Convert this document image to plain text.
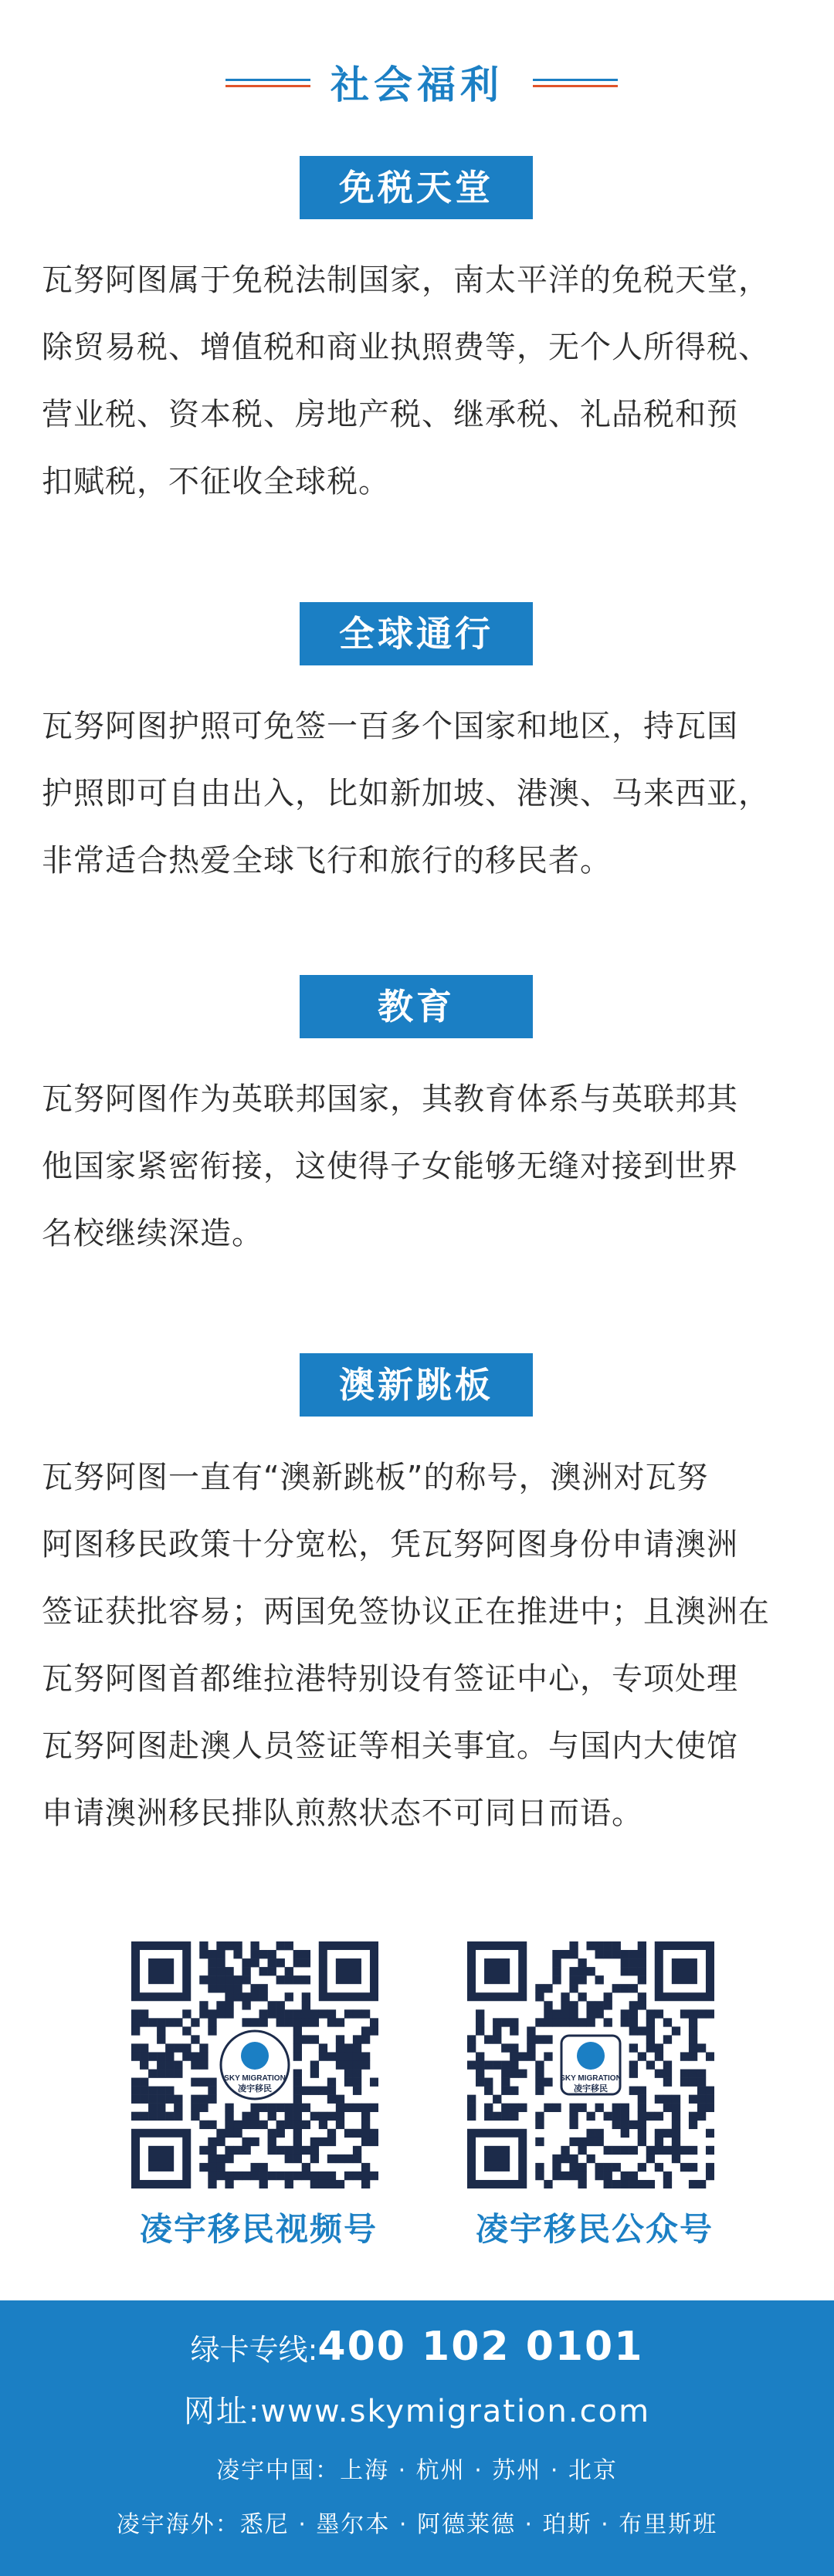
社会福利
免税天堂
瓦努阿图属于免税法制国家，南太平洋的免税天堂，
除贸易税、增值税和商业执照费等，无个人所得税、
营业税、资本税、房地产税、继承税、礼品税和预
扣赋税，不征收全球税。
全球通行
瓦努阿图护照可免签一百多个国家和地区，持瓦国
护照即可自由出入，比如新加坡、港澳、马来西亚，
非常适合热爱全球飞行和旅行的移民者。
教育
瓦努阿图作为英联邦国家，其教育体系与英联邦其
他国家紧密衔接，这使得子女能够无缝对接到世界
名校继续深造。
澳新跳板
瓦努阿图一直有“澳新跳板”的称号，澳洲对瓦努
阿图移民政策十分宽松，凭瓦努阿图身份申请澳洲
签证获批容易；两国免签协议正在推进中；且澳洲在
瓦努阿图首都维拉港特别设有签证中心，专项处理
瓦努阿图赴澳人员签证等相关事宜。与国内大使馆
申请澳洲移民排队煎熬状态不可同日而语。
SKY MIGRATION
凌宇移民
凌宇移民视频号
SKY MIGRATION
凌宇移民
凌宇移民公众号
绿卡专线:400 102 0101
网址:www.skymigration.com
凌宇中国：上海 · 杭州 · 苏州 · 北京
凌宇海外：悉尼 · 墨尔本 · 阿德莱德 · 珀斯 · 布里斯班
